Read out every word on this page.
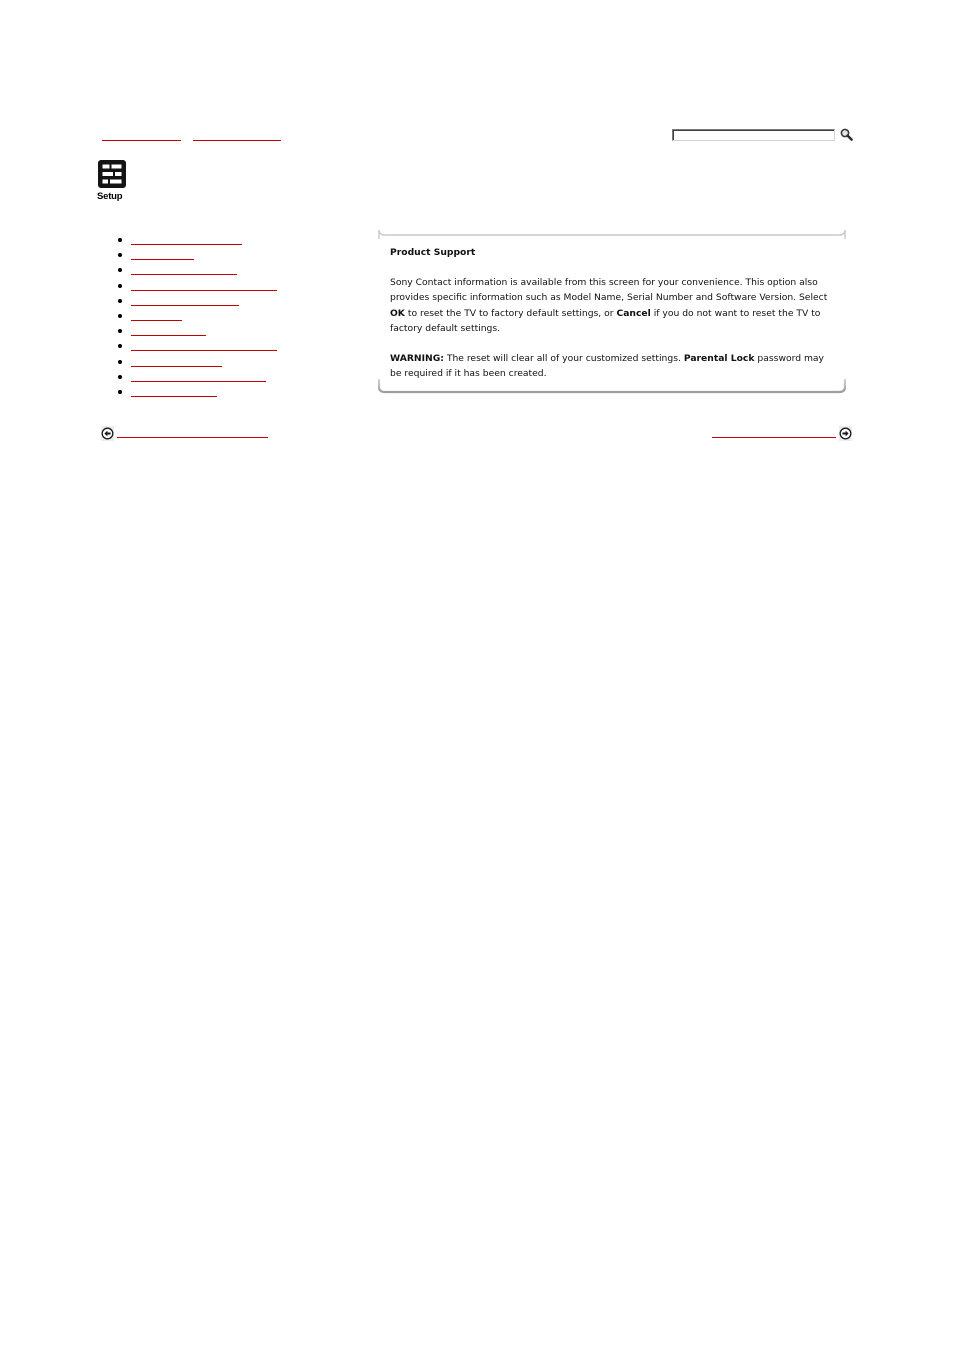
Setup
Product Support

Sony Contact information is available from this screen for your convenience. This option also provides specific information such as Model Name, Serial Number and Software Version. Select OK to reset the TV to factory default settings, or Cancel if you do not want to reset the TV to factory default settings.

WARNING: The reset will clear all of your customized settings. Parental Lock password may be required if it has been created.
